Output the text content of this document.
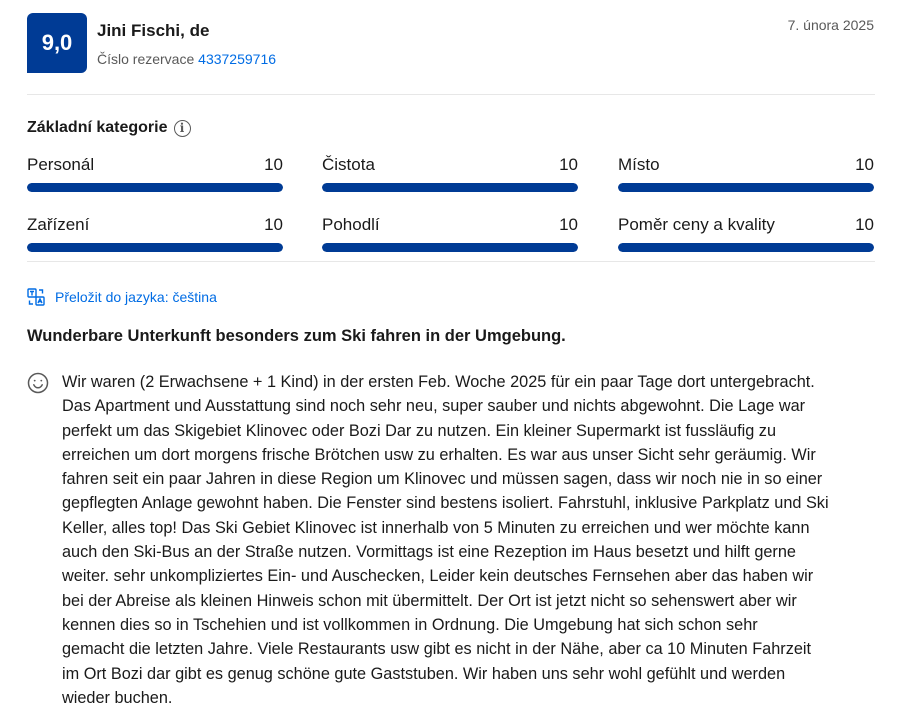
9,0	Jini Fischi, de
Číslo rezervace 4337259716
7. února 2025
Základní kategorie	i
Personál	10 Čistota	10 Místo	10
Zařízení	10 Pohodlí	10 Poměr ceny a kvality	10
Přeložit do jazyka: čeština
Wunderbare Unterkunft besonders zum Ski fahren in der Umgebung.

Wir waren (2 Erwachsene + 1 Kind) in der ersten Feb. Woche 2025 für ein paar Tage dort untergebracht.
Das Apartment und Ausstattung sind noch sehr neu, super sauber und nichts abgewohnt. Die Lage war
perfekt um das Skigebiet Klinovec oder Bozi Dar zu nutzen. Ein kleiner Supermarkt ist fussläufig zu
erreichen um dort morgens frische Brötchen usw zu erhalten. Es war aus unser Sicht sehr geräumig. Wir
fahren seit ein paar Jahren in diese Region um Klinovec und müssen sagen, dass wir noch nie in so einer
gepflegten Anlage gewohnt haben. Die Fenster sind bestens isoliert. Fahrstuhl, inklusive Parkplatz und Ski
Keller, alles top! Das Ski Gebiet Klinovec ist innerhalb von 5 Minuten zu erreichen und wer möchte kann
auch den Ski-Bus an der Straße nutzen. Vormittags ist eine Rezeption im Haus besetzt und hilft gerne
weiter. sehr unkompliziertes Ein- und Auschecken, Leider kein deutsches Fernsehen aber das haben wir
bei der Abreise als kleinen Hinweis schon mit übermittelt. Der Ort ist jetzt nicht so sehenswert aber wir
kennen dies so in Tschehien und ist vollkommen in Ordnung. Die Umgebung hat sich schon sehr
gemacht die letzten Jahre. Viele Restaurants usw gibt es nicht in der Nähe, aber ca 10 Minuten Fahrzeit
im Ort Bozi dar gibt es genug schöne gute Gaststuben. Wir haben uns sehr wohl gefühlt und werden
wieder buchen.
